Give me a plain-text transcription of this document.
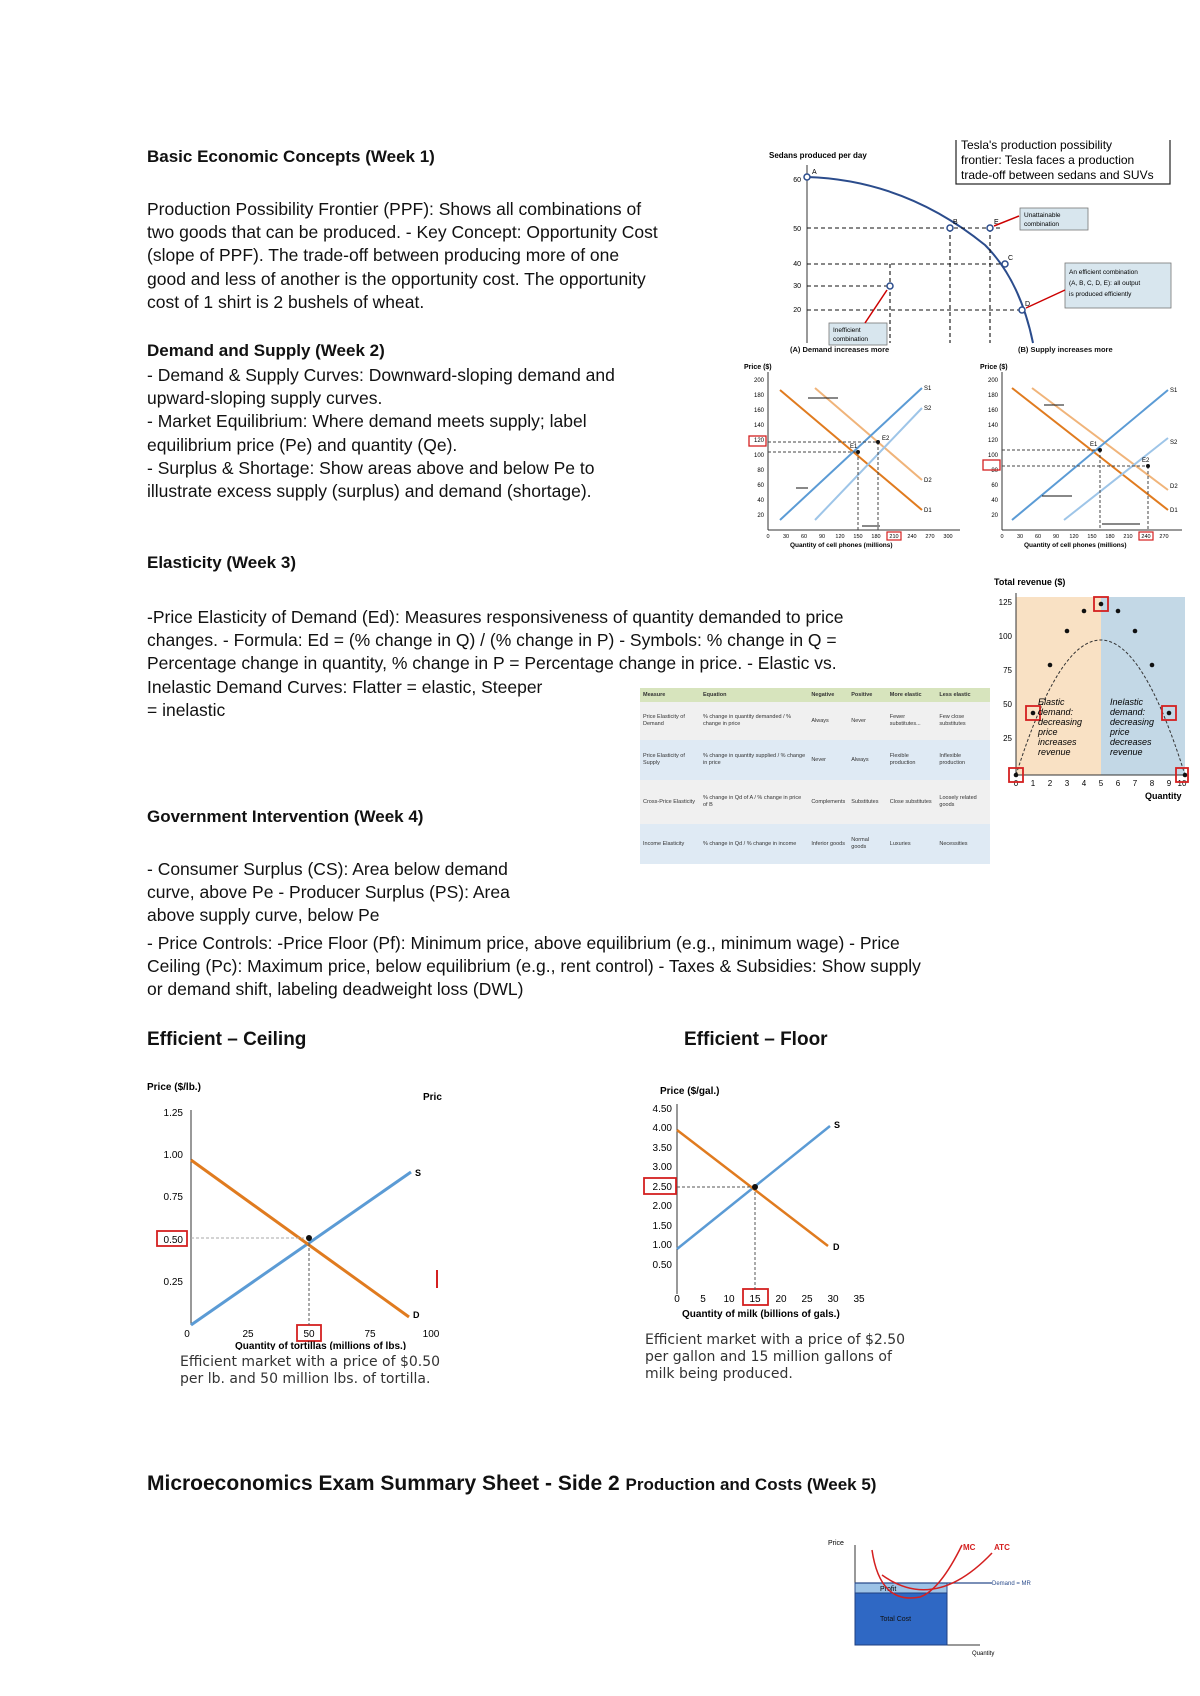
Basic Economic Concepts (Week 1)
Production Possibility Frontier (PPF): Shows all combinations of
two goods that can be produced. - Key Concept: Opportunity Cost
(slope of PPF). The trade-off between producing more of one
good and less of another is the opportunity cost. The opportunity
cost of 1 shirt is 2 bushels of wheat.
Demand and Supply (Week 2)
- Demand & Supply Curves: Downward-sloping demand and
upward-sloping supply curves.
- Market Equilibrium: Where demand meets supply; label
equilibrium price (Pe) and quantity (Qe).
- Surplus & Shortage: Show areas above and below Pe to
illustrate excess supply (surplus) and demand (shortage).
Elasticity (Week 3)
-Price Elasticity of Demand (Ed): Measures responsiveness of quantity demanded to price
changes. - Formula: Ed = (% change in Q) / (% change in P) - Symbols: % change in Q =
Percentage change in quantity, % change in P = Percentage change in price. - Elastic vs.
Inelastic Demand Curves: Flatter = elastic, Steeper
= inelastic
Government Intervention (Week 4)
- Consumer Surplus (CS): Area below demand
curve, above Pe - Producer Surplus (PS): Area
above supply curve, below Pe
- Price Controls: -Price Floor (Pf): Minimum price, above equilibrium (e.g., minimum wage) - Price
Ceiling (Pc): Maximum price, below equilibrium (e.g., rent control) - Taxes & Subsidies: Show supply
or demand shift, labeling deadweight loss (DWL)
Efficient – Ceiling	Efficient – Floor
Microeconomics Exam Summary Sheet - Side 2 Production and Costs (Week 5)
Sedans produced per day
60
50
40
30
20
A
B
C
D
E
Tesla's production possibility
frontier: Tesla faces a production
trade-off between sedans and SUVs
Unattainable
combination
An efficient combination
(A, B, C, D, E): all output
is produced efficiently
Inefficient
combination
(A) Demand increases more	(B) Supply increases more
Price ($)
200
180
160
140
120
100
80
60
40
20
0 30 60 90 120 150 180 210 240 270 300
Quantity of cell phones (millions)
S1
S2
D2
D1
E1
E2
Price ($)
200
180
160
140
120
100
80
60
40
20
0 30 60 90 120 150 180 210 240 270
Quantity of cell phones (millions)
S1
S2
D2
D1
E1
E2
Total revenue ($)
125
100
75
50
25
0 1 2 3 4 5 6 7 8 9 10
Quantity
Elastic
demand:
decreasing
price
increases
revenue
Inelastic
demand:
decreasing
price
decreases
revenue
Measure	Equation	Negative	Positive	More elastic	Less elastic
Price Elasticity of Demand	% change in quantity demanded / % change in price	Always	Never	Fewer substitutes...	Few close substitutes
Price Elasticity of Supply	% change in quantity supplied / % change in price	Never	Always	Flexible production	Inflexible production
Cross-Price Elasticity	% change in Qd of A / % change in price of B	Complements	Substitutes	Close substitutes	Loosely related goods
Income Elasticity	% change in Qd / % change in income	Inferior goods	Normal goods	Luxuries	Necessities
Price ($/lb.)
Pric
1.25
1.00
0.75
0.50
0.25
0	25	50	75	100
Quantity of tortillas (millions of lbs.)
S
D
Efficient market with a price of $0.50
per lb. and 50 million lbs. of tortilla.
Price ($/gal.)
4.50
4.00
3.50
3.00
2.50
2.00
1.50
1.00
0.50
0 5 10 15 20 25 30 35
Quantity of milk (billions of gals.)
S
D
Efficient market with a price of $2.50
per gallon and 15 million gallons of
milk being produced.
Price
Profit
Total Cost
MC ATC
Demand = MR
Quantity
